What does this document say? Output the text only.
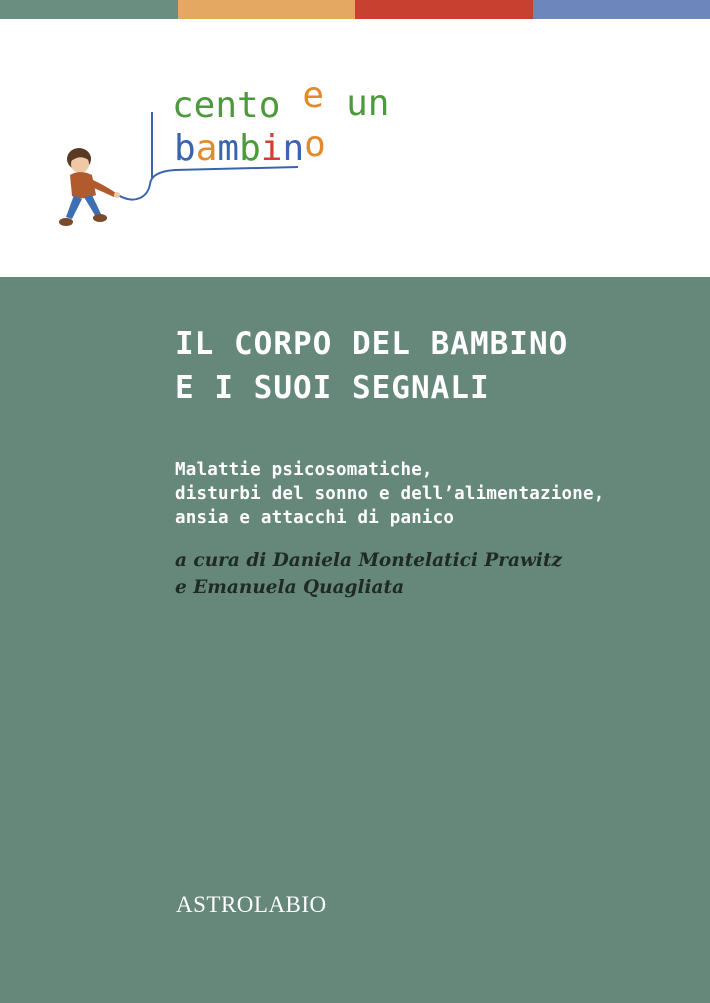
cento e un
bambino
IL CORPO DEL BAMBINO
E I SUOI SEGNALI

Malattie psicosomatiche,
disturbi del sonno e dell’alimentazione,
ansia e attacchi di panico

a cura di Daniela Montelatici Prawitz
e Emanuela Quagliata

ASTROLABIO
